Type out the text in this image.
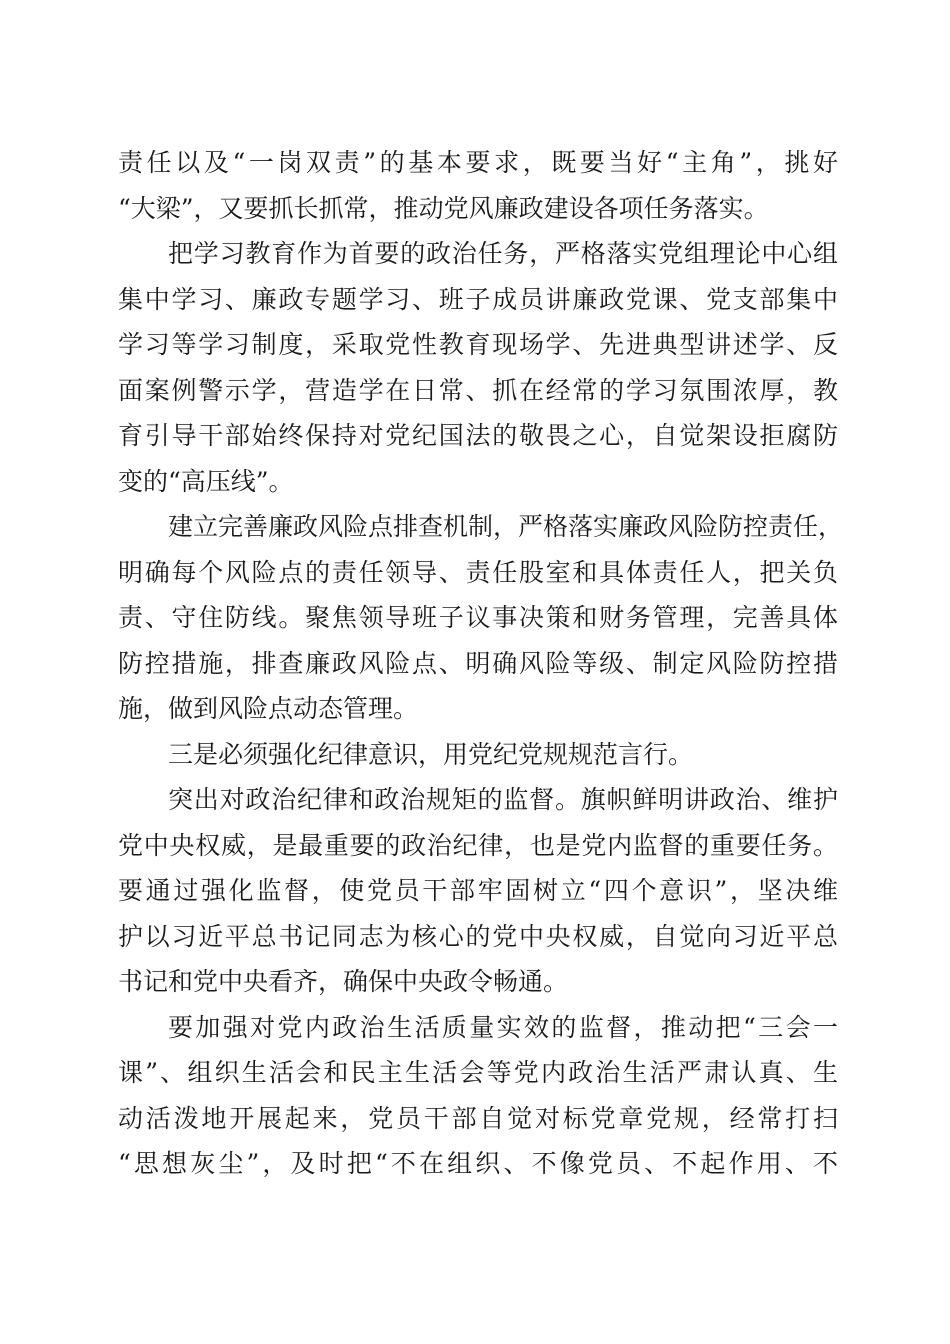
责任以及“一岗双责”的基本要求，既要当好“主角”，挑好
“大梁”，又要抓长抓常，推动党风廉政建设各项任务落实。

把学习教育作为首要的政治任务，严格落实党组理论中心组
集中学习、廉政专题学习、班子成员讲廉政党课、党支部集中
学习等学习制度，采取党性教育现场学、先进典型讲述学、反
面案例警示学，营造学在日常、抓在经常的学习氛围浓厚，教
育引导干部始终保持对党纪国法的敬畏之心，自觉架设拒腐防
变的“高压线”。

建立完善廉政风险点排查机制，严格落实廉政风险防控责任，
明确每个风险点的责任领导、责任股室和具体责任人，把关负
责、守住防线。聚焦领导班子议事决策和财务管理，完善具体
防控措施，排查廉政风险点、明确风险等级、制定风险防控措
施，做到风险点动态管理。

三是必须强化纪律意识，用党纪党规规范言行。

突出对政治纪律和政治规矩的监督。旗帜鲜明讲政治、维护
党中央权威，是最重要的政治纪律，也是党内监督的重要任务。
要通过强化监督，使党员干部牢固树立“四个意识”，坚决维
护以习近平总书记同志为核心的党中央权威，自觉向习近平总
书记和党中央看齐，确保中央政令畅通。

要加强对党内政治生活质量实效的监督，推动把“三会一
课”、组织生活会和民主生活会等党内政治生活严肃认真、生
动活泼地开展起来，党员干部自觉对标党章党规，经常打扫
“思想灰尘”，及时把“不在组织、不像党员、不起作用、不
